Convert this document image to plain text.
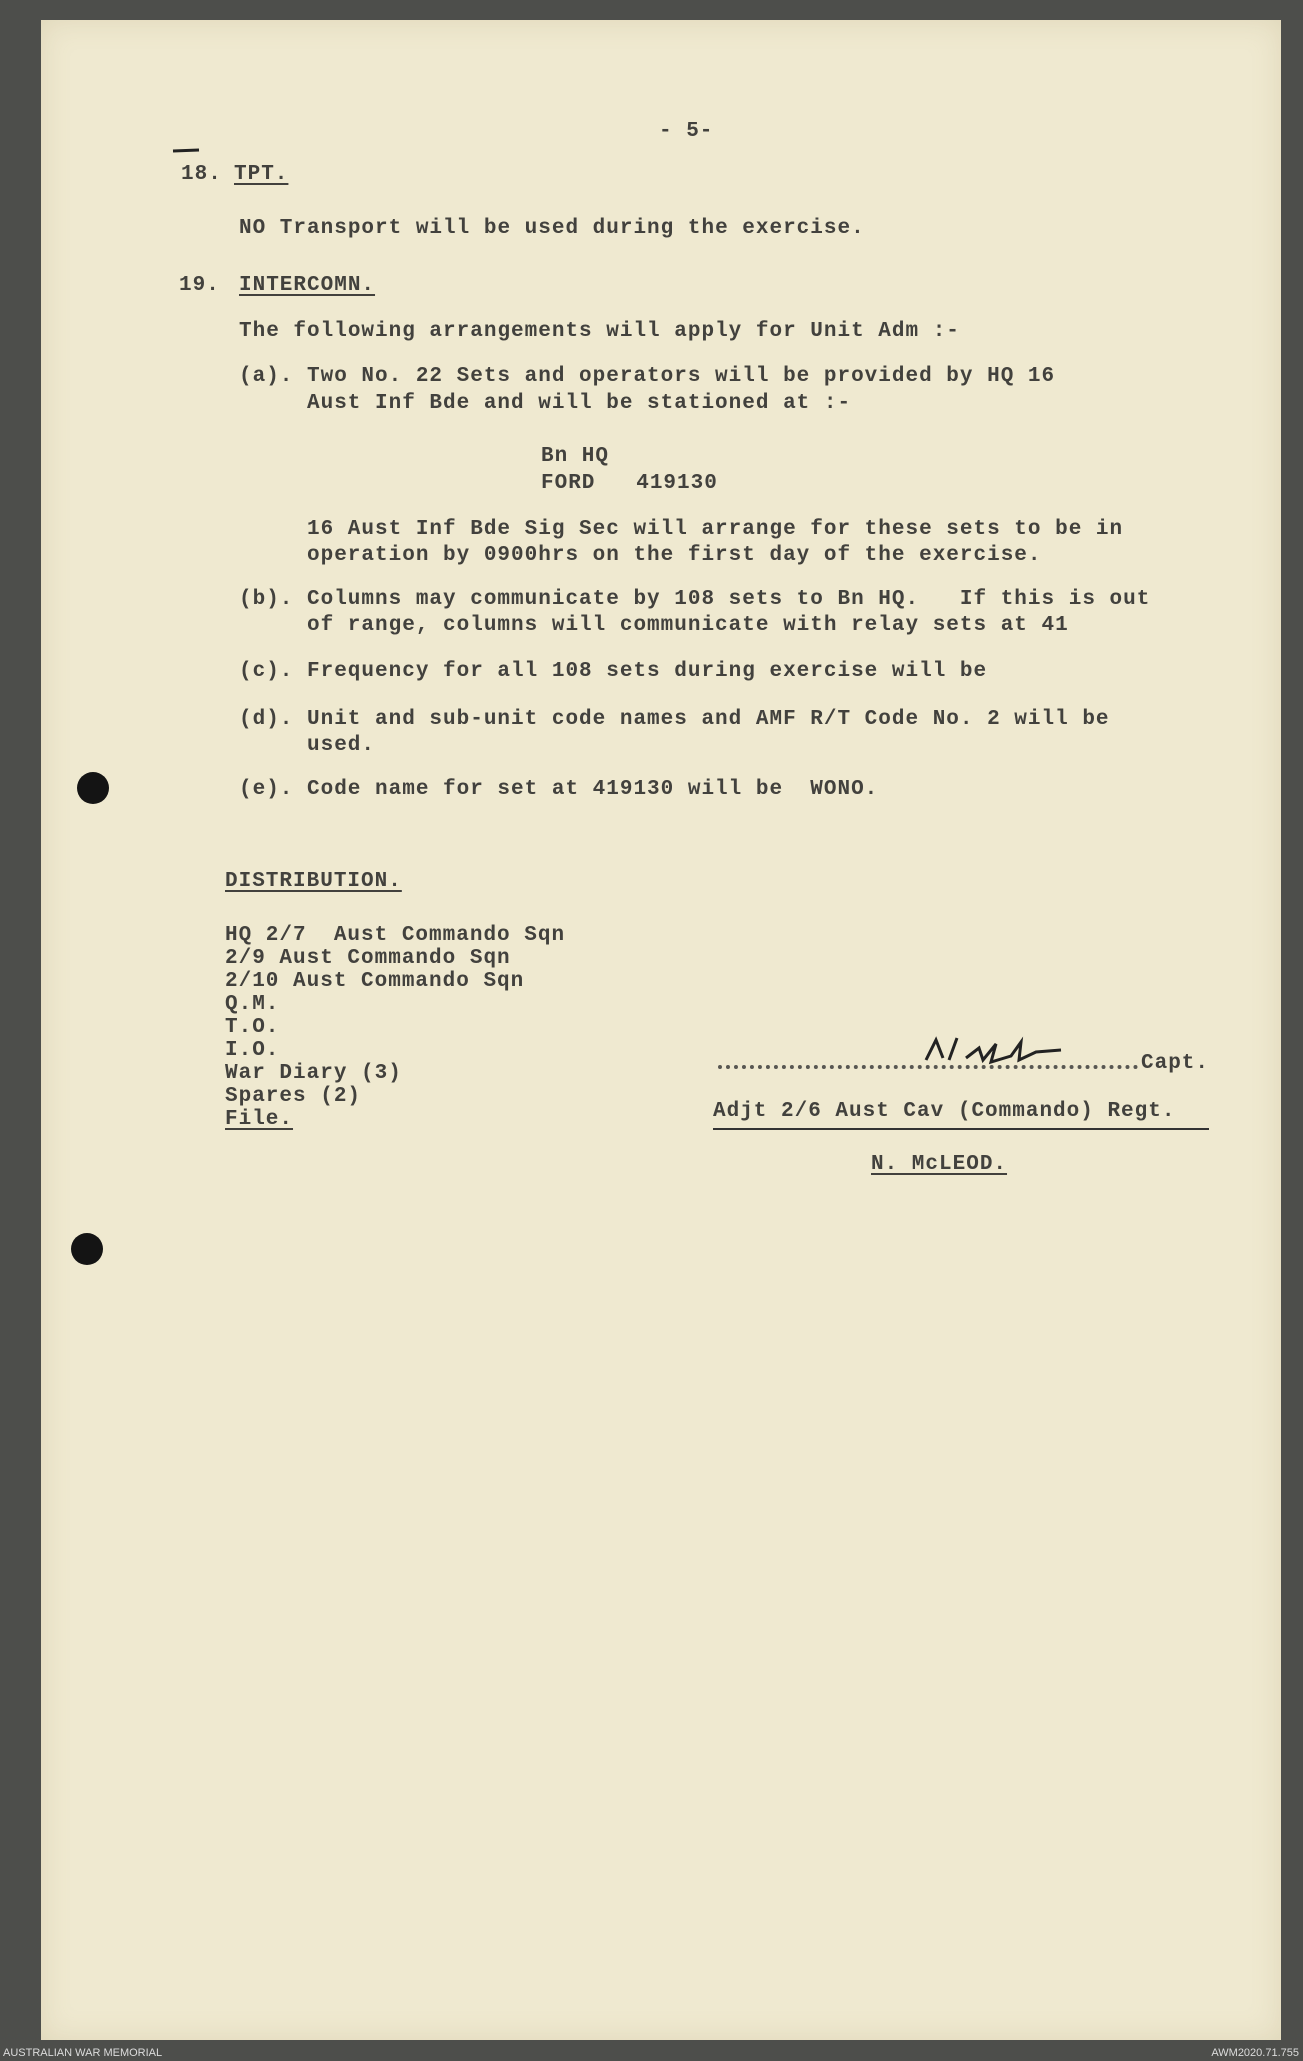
- 5-
18. TPT.
NO Transport will be used during the exercise.
19. INTERCOMN.
The following arrangements will apply for Unit Adm :-
(a). Two No. 22 Sets and operators will be provided by HQ 16
Aust Inf Bde and will be stationed at :-
Bn HQ
FORD   419130
16 Aust Inf Bde Sig Sec will arrange for these sets to be in
operation by 0900hrs on the first day of the exercise.
(b). Columns may communicate by 108 sets to Bn HQ.   If this is out
of range, columns will communicate with relay sets at 41
(c). Frequency for all 108 sets during exercise will be
(d). Unit and sub-unit code names and AMF R/T Code No. 2 will be
used.
(e). Code name for set at 419130 will be  WONO.
DISTRIBUTION.
HQ 2/7  Aust Commando Sqn
2/9 Aust Commando Sqn
2/10 Aust Commando Sqn
Q.M.
T.O.
I.O.
War Diary (3)
Spares (2)
File.
Capt.
Adjt 2/6 Aust Cav (Commando) Regt.
N. McLEOD.
AUSTRALIAN WAR MEMORIAL	AWM2020.71.755
